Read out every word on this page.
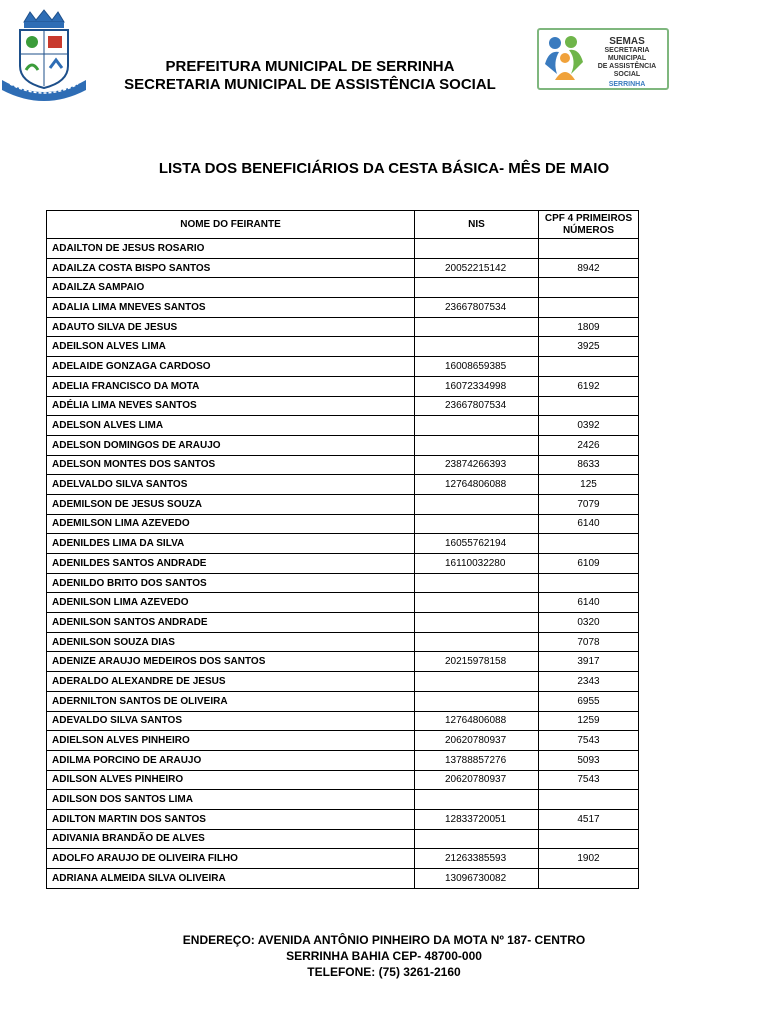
PREFEITURA MUNICIPAL DE SERRINHA
SECRETARIA MUNICIPAL DE ASSISTÊNCIA SOCIAL
SEMAS
SECRETARIA MUNICIPAL
DE ASSISTÊNCIA SOCIAL
SERRINHA
LISTA DOS BENEFICIÁRIOS DA CESTA BÁSICA- MÊS DE MAIO
NOME DO FEIRANTE	NIS	CPF 4 PRIMEIROS NÚMEROS
ADAILTON DE JESUS ROSARIO		
ADAILZA COSTA BISPO SANTOS	20052215142	8942
ADAILZA SAMPAIO		
ADALIA LIMA MNEVES SANTOS	23667807534	
ADAUTO SILVA DE JESUS		1809
ADEILSON ALVES LIMA		3925
ADELAIDE GONZAGA CARDOSO	16008659385	
ADELIA FRANCISCO DA MOTA	16072334998	6192
ADÉLIA LIMA NEVES SANTOS	23667807534	
ADELSON ALVES LIMA		0392
ADELSON DOMINGOS DE ARAUJO		2426
ADELSON MONTES DOS SANTOS	23874266393	8633
ADELVALDO SILVA SANTOS	12764806088	125
ADEMILSON DE JESUS SOUZA		7079
ADEMILSON LIMA AZEVEDO		6140
ADENILDES LIMA DA SILVA	16055762194	
ADENILDES SANTOS ANDRADE	16110032280	6109
ADENILDO BRITO DOS SANTOS		
ADENILSON LIMA AZEVEDO		6140
ADENILSON SANTOS ANDRADE		0320
ADENILSON SOUZA DIAS		7078
ADENIZE ARAUJO MEDEIROS DOS SANTOS	20215978158	3917
ADERALDO ALEXANDRE DE JESUS		2343
ADERNILTON SANTOS DE OLIVEIRA		6955
ADEVALDO SILVA SANTOS	12764806088	1259
ADIELSON ALVES PINHEIRO	20620780937	7543
ADILMA PORCINO DE ARAUJO	13788857276	5093
ADILSON ALVES PINHEIRO	20620780937	7543
ADILSON DOS SANTOS LIMA		
ADILTON MARTIN DOS SANTOS	12833720051	4517
ADIVANIA BRANDÃO DE ALVES		
ADOLFO ARAUJO DE OLIVEIRA FILHO	21263385593	1902
ADRIANA ALMEIDA SILVA OLIVEIRA	13096730082	
ENDEREÇO: AVENIDA ANTÔNIO PINHEIRO DA MOTA Nº 187- CENTRO
SERRINHA BAHIA CEP- 48700-000
TELEFONE: (75) 3261-2160
